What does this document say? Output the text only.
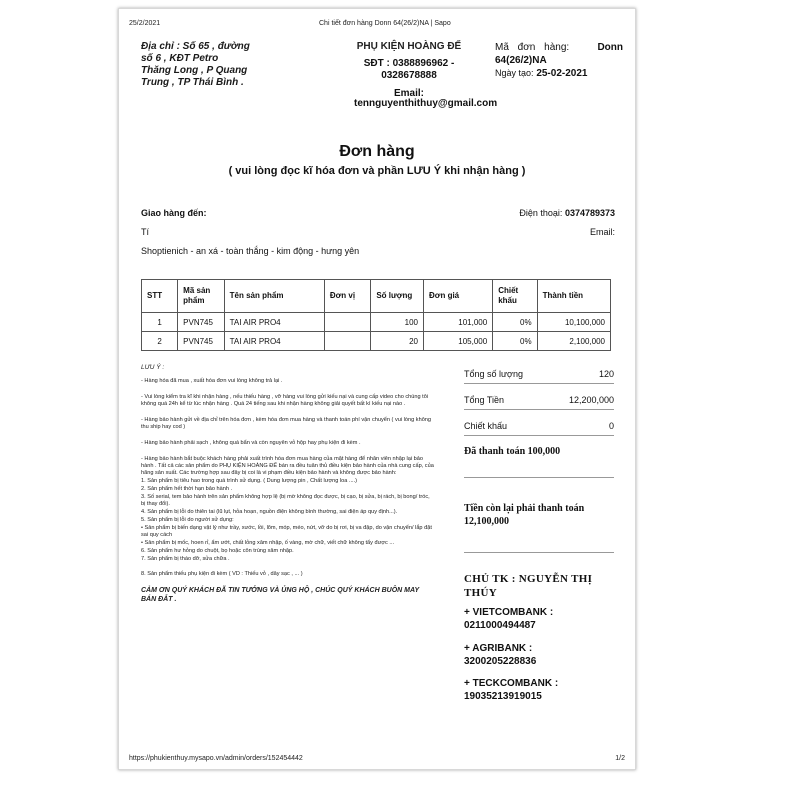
25/2/2021	Chi tiết đơn hàng Donn 64(26/2)NA | Sapo
Địa chỉ : Số 65 , đường
số 6 , KĐT Petro
Thăng Long , P Quang
Trung , TP Thái Bình .
PHỤ KIỆN HOÀNG ĐẾ
SĐT : 0388896962 -
0328678888
Email:
tennguyenthithuy@gmail.com
Mã đơn hàng:	Donn
64(26/2)NA
Ngày tạo: 25-02-2021
Đơn hàng
( vui lòng đọc kĩ hóa đơn và phần LƯU Ý khi nhận hàng )
Giao hàng đến:	Điện thoại: 0374789373
Tí	Email:
Shoptienich - an xá - toàn thắng - kim động - hưng yên
STT	Mã sản phẩm	Tên sản phẩm	Đơn vị	Số lượng	Đơn giá	Chiết khấu	Thành tiền
1	PVN745	TAI AIR PRO4		100	101,000	0%	10,100,000
2	PVN745	TAI AIR PRO4		20	105,000	0%	2,100,000

LƯU Ý :

- Hàng hóa đã mua , xuất hóa đơn vui lòng không trả lại .

- Vui lòng kiểm tra kĩ khi nhận hàng , nếu thiếu hàng , vỡ hàng vui lòng gửi kiếu nại và cung cấp video cho chúng tôi không quá 24h kể từ lúc nhận hàng . Quá 24 tiếng sau khi nhận hàng không giải quyết bất kì kiếu nại nào .

- Hàng bảo hành gửi về địa chỉ trên hóa đơn , kèm hóa đơn mua hàng và thanh toán phí vận chuyển ( vui lòng không thu ship hay cod )

- Hàng bảo hành phải sạch , không quá bẩn và còn nguyên vỏ hộp hay phụ kiện đi kèm .

- Hàng bảo hành bắt buộc khách hàng phải xuất trình hóa đơn mua hàng của mặt hàng để nhân viên nhập lại bảo hành . Tất cả các sản phẩm do PHỤ KIỆN HOÀNG ĐẾ bán ra đều tuân thủ điều kiện bảo hành của nhà cung cấp, của hãng sản xuất. Các trường hợp sau đây bị coi là vi phạm điều kiện bảo hành và không được bảo hành:

1. Sản phẩm bị tiêu hao trong quá trình sử dụng. ( Dung lượng pin , Chất lượng loa ....)

2. Sản phẩm hết thời hạn bảo hành .

3. Số serial, tem bảo hành trên sản phẩm không hợp lệ (bị mờ không đọc được, bị cạo, bị sửa, bị rách, bị bong/ tróc, bị thay đổi).

4. Sản phẩm bị lỗi do thiên tai (lũ lụt, hỏa hoạn, nguồn điện không bình thường, sai điện áp quy định...).

5. Sản phẩm bị lỗi do người sử dụng:

• Sản phẩm bị biến dạng vật lý như trầy, xước, lồi, lõm, móp, méo, nứt, vỡ do bị rơi, bị va đập, do vận chuyển/ lắp đặt sai quy cách

• Sản phẩm bị mốc, hoen rỉ, ẩm ướt, chất lỏng xâm nhập, ố vàng, mờ chữ, viết chữ không tẩy được ...

6. Sản phẩm hư hỏng do chuột, bọ hoặc côn trùng xâm nhập.

7. Sản phẩm bị tháo dỡ, sửa chữa .

8. Sản phẩm thiếu phụ kiện đi kèm ( VD : Thiếu vỏ , dây sạc , ... )

CẢM ƠN QUÝ KHÁCH ĐÃ TIN TƯỞNG VÀ ỦNG HỘ , CHÚC QUÝ KHÁCH BUÔN MAY BÁN ĐẮT .

Tổng số lượng	120
Tổng Tiền	12,200,000
Chiết khấu	0
Đã thanh toán 100,000
Tiền còn lại phải thanh toán
12,100,000
CHỦ TK : NGUYỄN THỊ
THÚY
+ VIETCOMBANK :
0211000494487
+ AGRIBANK :
3200205228836
+ TECKCOMBANK :
19035213919015
https://phukienthuy.mysapo.vn/admin/orders/152454442	1/2
